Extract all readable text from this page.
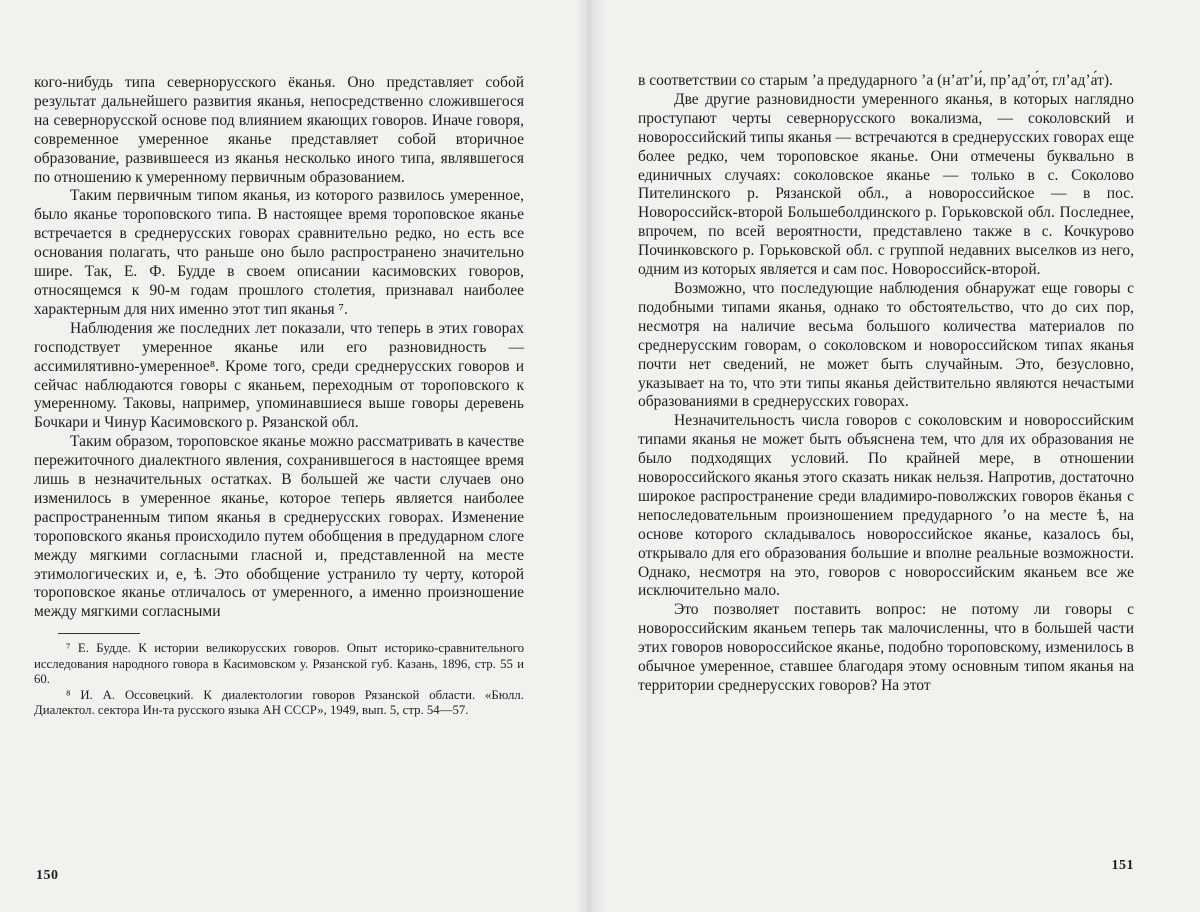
кого-нибудь типа севернорусского ёканья. Оно представляет собой результат дальнейшего развития яканья, непосредственно сложившегося на севернорусской основе под влиянием якающих говоров. Иначе говоря, современное умеренное яканье представляет собой вторичное образование, развившееся из яканья несколько иного типа, являвшегося по отношению к умеренному первичным образованием.

Таким первичным типом яканья, из которого развилось умеренное, было яканье тороповского типа. В настоящее время тороповское яканье встречается в среднерусских говорах сравнительно редко, но есть все основания полагать, что раньше оно было распространено значительно шире. Так, Е. Ф. Будде в своем описании касимовских говоров, относящемся к 90-м годам прошлого столетия, признавал наиболее характерным для них именно этот тип яканья ⁷.

Наблюдения же последних лет показали, что теперь в этих говорах господствует умеренное яканье или его разновидность — ассимилятивно-умеренное⁸. Кроме того, среди среднерусских говоров и сейчас наблюдаются говоры с яканьем, переходным от тороповского к умеренному. Таковы, например, упоминавшиеся выше говоры деревень Бочкари и Чинур Касимовского р. Рязанской обл.

Таким образом, тороповское яканье можно рассматривать в качестве пережиточного диалектного явления, сохранившегося в настоящее время лишь в незначительных остатках. В большей же части случаев оно изменилось в умеренное яканье, которое теперь является наиболее распространенным типом яканья в среднерусских говорах. Изменение тороповского яканья происходило путем обобщения в предударном слоге между мягкими согласными гласной и, представленной на месте этимологических и, е, ѣ. Это обобщение устранило ту черту, которой тороповское яканье отличалось от умеренного, а именно произношение между мягкими согласными

⁷ Е. Будде. К истории великорусских говоров. Опыт историко-сравнительного исследования народного говора в Касимовском у. Рязанской губ. Казань, 1896, стр. 55 и 60.

⁸ И. А. Оссовецкий. К диалектологии говоров Рязанской области. «Бюлл. Диалектол. сектора Ин-та русского языка АН СССР», 1949, вып. 5, стр. 54—57.

150

в соответствии со старым ’а предударного ’а (н’ат’и́, пр’ад’о́т, гл’ад’а́т).

Две другие разновидности умеренного яканья, в которых наглядно проступают черты севернорусского вокализма, — соколовский и новороссийский типы яканья — встречаются в среднерусских говорах еще более редко, чем тороповское яканье. Они отмечены буквально в единичных случаях: соколовское яканье — только в с. Соколово Пителинского р. Рязанской обл., а новороссийское — в пос. Новороссийск-второй Большеболдинского р. Горьковской обл. Последнее, впрочем, по всей вероятности, представлено также в с. Кочкурово Починковского р. Горьковской обл. с группой недавних выселков из него, одним из которых является и сам пос. Новороссийск-второй.

Возможно, что последующие наблюдения обнаружат еще говоры с подобными типами яканья, однако то обстоятельство, что до сих пор, несмотря на наличие весьма большого количества материалов по среднерусским говорам, о соколовском и новороссийском типах яканья почти нет сведений, не может быть случайным. Это, безусловно, указывает на то, что эти типы яканья действительно являются нечастыми образованиями в среднерусских говорах.

Незначительность числа говоров с соколовским и новороссийским типами яканья не может быть объяснена тем, что для их образования не было подходящих условий. По крайней мере, в отношении новороссийского яканья этого сказать никак нельзя. Напротив, достаточно широкое распространение среди владимиро-поволжских говоров ёканья с непоследовательным произношением предударного ’о на месте ѣ, на основе которого складывалось новороссийское яканье, казалось бы, открывало для его образования большие и вполне реальные возможности. Однако, несмотря на это, говоров с новороссийским яканьем все же исключительно мало.

Это позволяет поставить вопрос: не потому ли говоры с новороссийским яканьем теперь так малочисленны, что в большей части этих говоров новороссийское яканье, подобно тороповскому, изменилось в обычное умеренное, ставшее благодаря этому основным типом яканья на территории среднерусских говоров? На этот

151
